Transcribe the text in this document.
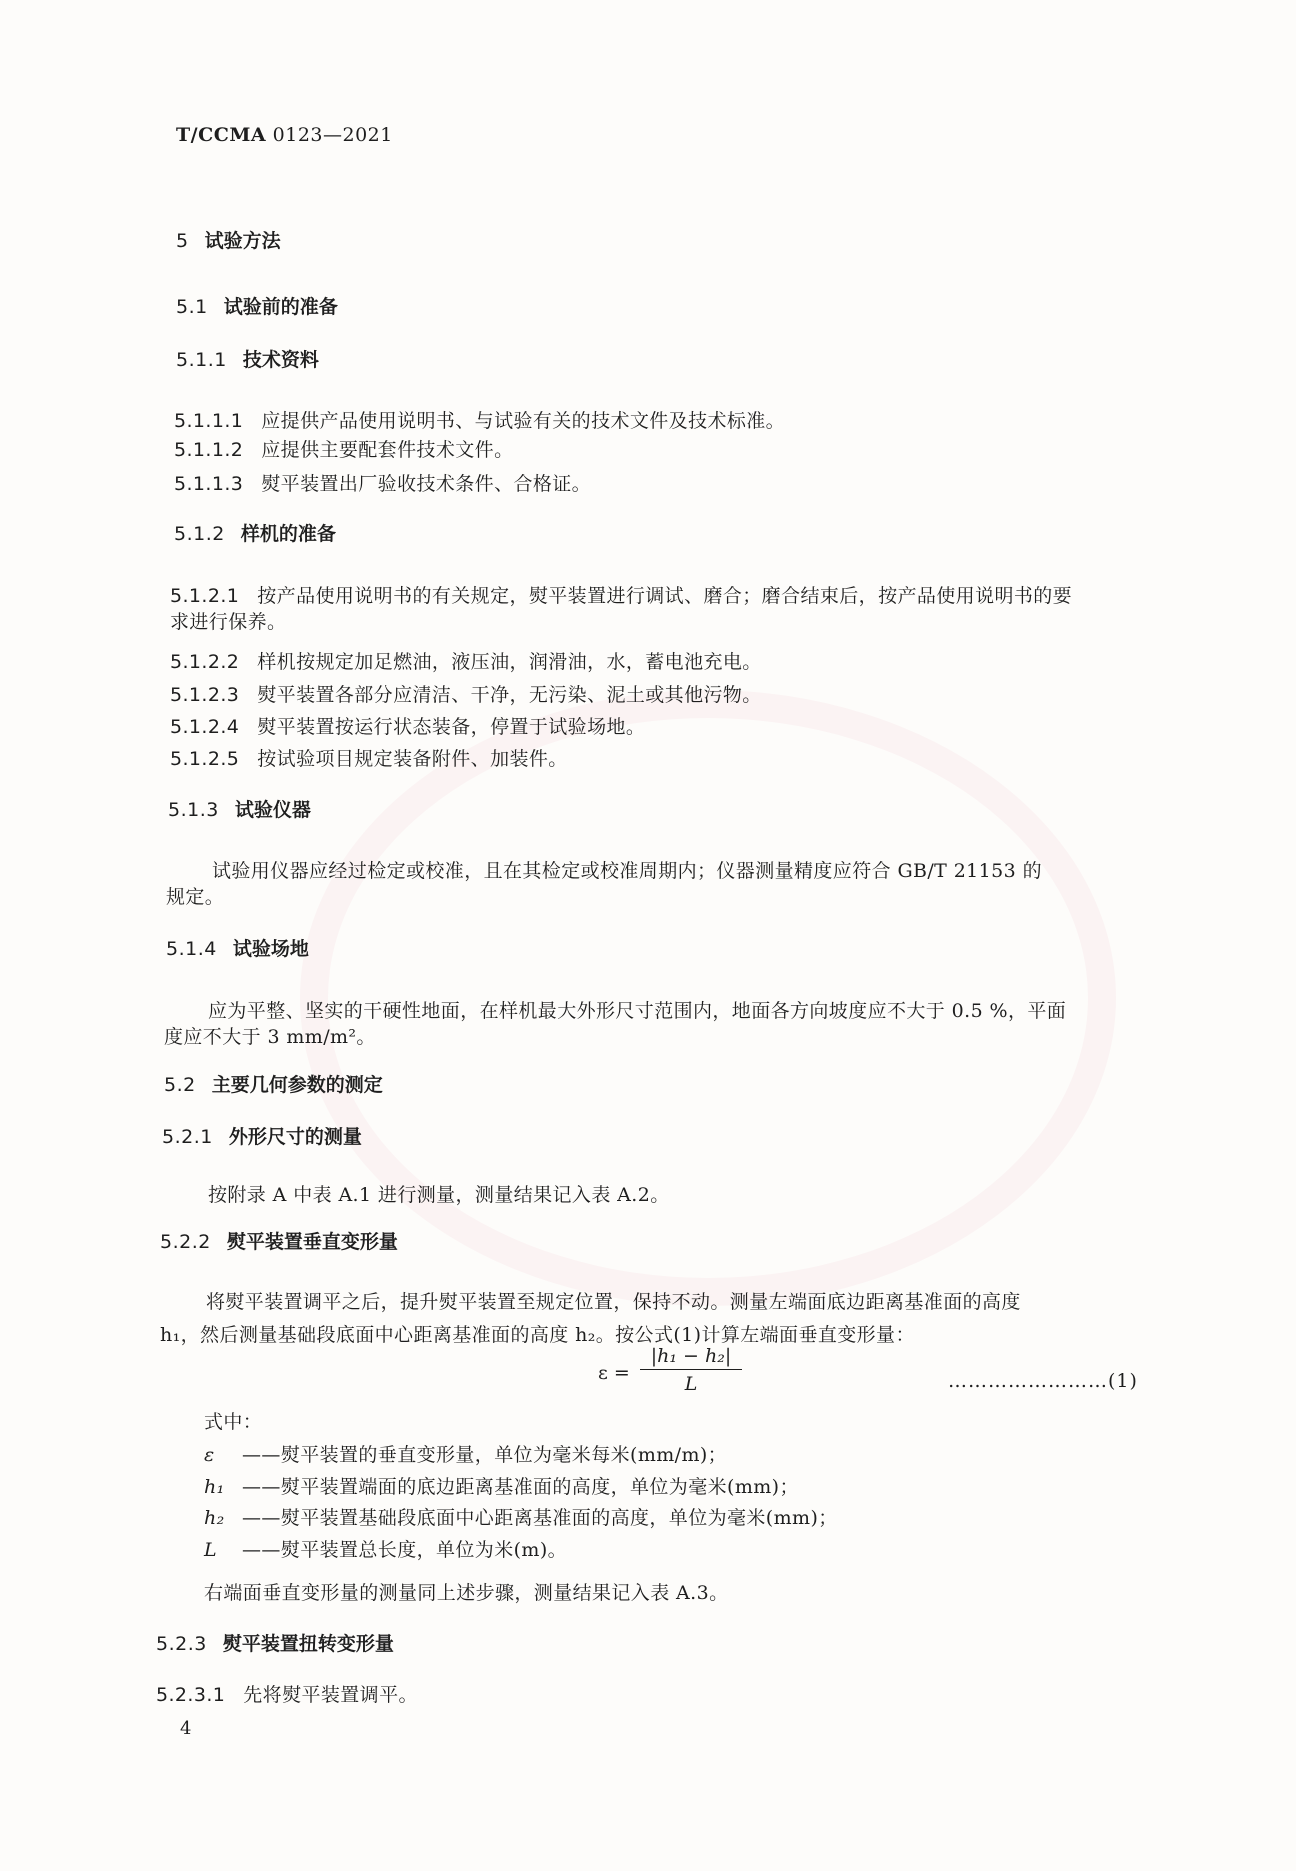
T/CCMA 0123—2021
5 试验方法
5.1 试验前的准备
5.1.1 技术资料
5.1.1.1 应提供产品使用说明书、与试验有关的技术文件及技术标准。
5.1.1.2 应提供主要配套件技术文件。
5.1.1.3 熨平装置出厂验收技术条件、合格证。
5.1.2 样机的准备
5.1.2.1 按产品使用说明书的有关规定，熨平装置进行调试、磨合；磨合结束后，按产品使用说明书的要
求进行保养。
5.1.2.2 样机按规定加足燃油，液压油，润滑油，水，蓄电池充电。
5.1.2.3 熨平装置各部分应清洁、干净，无污染、泥土或其他污物。
5.1.2.4 熨平装置按运行状态装备，停置于试验场地。
5.1.2.5 按试验项目规定装备附件、加装件。
5.1.3 试验仪器
试验用仪器应经过检定或校准，且在其检定或校准周期内；仪器测量精度应符合 GB/T 21153 的
规定。
5.1.4 试验场地
应为平整、坚实的干硬性地面，在样机最大外形尺寸范围内，地面各方向坡度应不大于 0.5 %，平面
度应不大于 3 mm/m²。
5.2 主要几何参数的测定
5.2.1 外形尺寸的测量
按附录 A 中表 A.1 进行测量，测量结果记入表 A.2。
5.2.2 熨平装置垂直变形量
将熨平装置调平之后，提升熨平装置至规定位置，保持不动。测量左端面底边距离基准面的高度
h₁，然后测量基础段底面中心距离基准面的高度 h₂。按公式(1)计算左端面垂直变形量：
$\varepsilon = \frac{\text{|h₁ − h₂|}}{L}$	……………………(1)
式中：
ε ——熨平装置的垂直变形量，单位为毫米每米(mm/m)；
h₁ ——熨平装置端面的底边距离基准面的高度，单位为毫米(mm)；
h₂ ——熨平装置基础段底面中心距离基准面的高度，单位为毫米(mm)；
L ——熨平装置总长度，单位为米(m)。
右端面垂直变形量的测量同上述步骤，测量结果记入表 A.3。
5.2.3 熨平装置扭转变形量
5.2.3.1 先将熨平装置调平。
4
